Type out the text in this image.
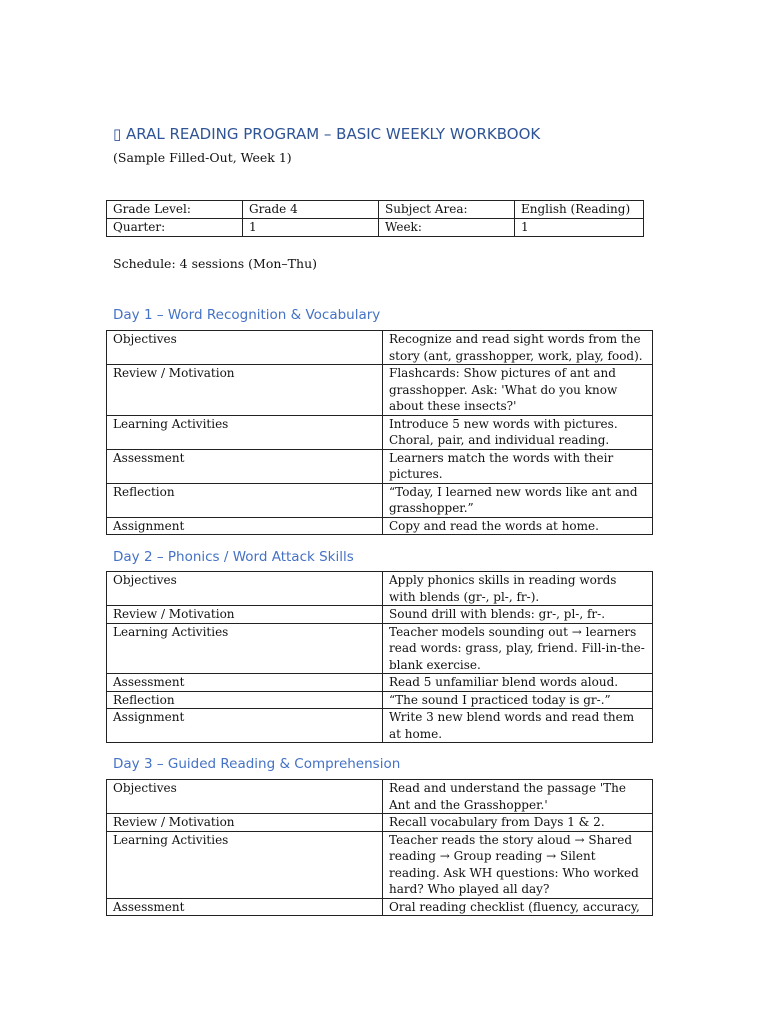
▯ ARAL READING PROGRAM – BASIC WEEKLY WORKBOOK
(Sample Filled-Out, Week 1)
Grade Level:	Grade 4	Subject Area:	English (Reading)
Quarter:	1	Week:	1
Schedule: 4 sessions (Mon–Thu)
Day 1 – Word Recognition & Vocabulary
Objectives	Recognize and read sight words from the story (ant, grasshopper, work, play, food).
Review / Motivation	Flashcards: Show pictures of ant and grasshopper. Ask: 'What do you know about these insects?'
Learning Activities	Introduce 5 new words with pictures. Choral, pair, and individual reading.
Assessment	Learners match the words with their pictures.
Reflection	“Today, I learned new words like ant and grasshopper.”
Assignment	Copy and read the words at home.
Day 2 – Phonics / Word Attack Skills
Objectives	Apply phonics skills in reading words with blends (gr-, pl-, fr-).
Review / Motivation	Sound drill with blends: gr-, pl-, fr-.
Learning Activities	Teacher models sounding out → learners read words: grass, play, friend. Fill-in-the-blank exercise.
Assessment	Read 5 unfamiliar blend words aloud.
Reflection	“The sound I practiced today is gr-.”
Assignment	Write 3 new blend words and read them at home.
Day 3 – Guided Reading & Comprehension
Objectives	Read and understand the passage 'The Ant and the Grasshopper.'
Review / Motivation	Recall vocabulary from Days 1 & 2.
Learning Activities	Teacher reads the story aloud → Shared reading → Group reading → Silent reading. Ask WH questions: Who worked hard? Who played all day?
Assessment	Oral reading checklist (fluency, accuracy,
